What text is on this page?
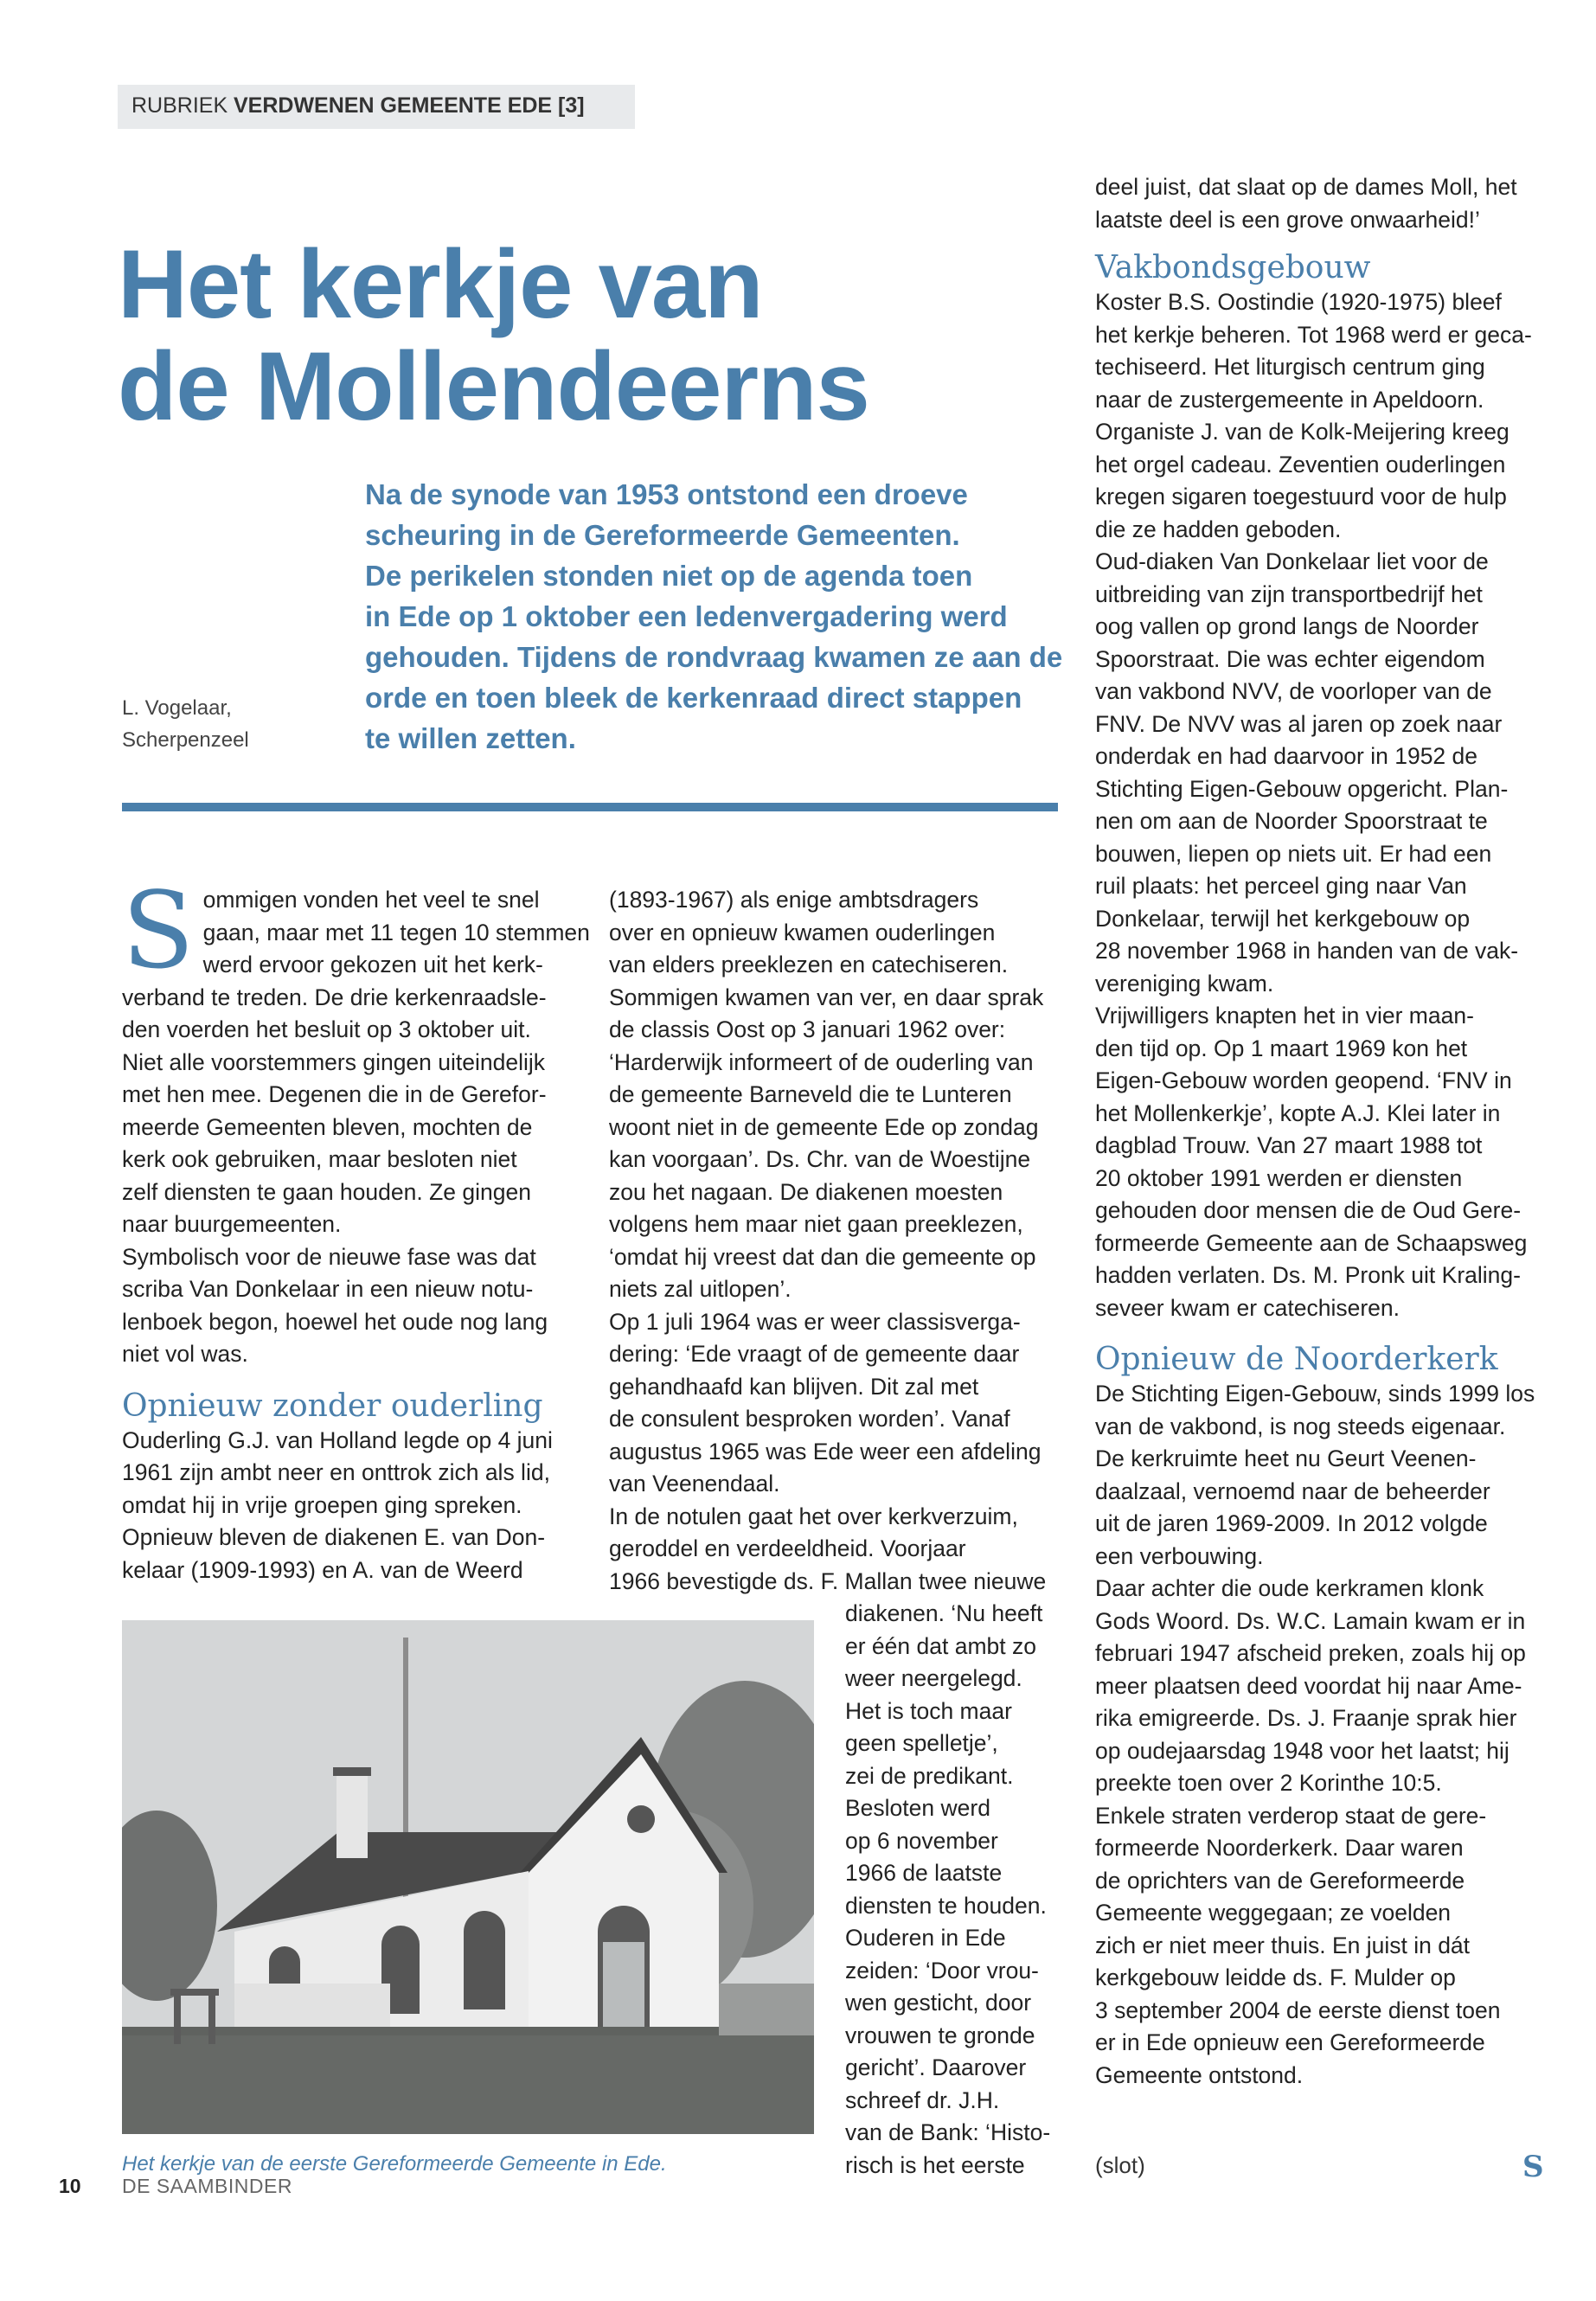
RUBRIEK VERDWENEN GEMEENTE EDE [3]
Het kerkje van
de Mollendeerns
Na de synode van 1953 ontstond een droeve
scheuring in de Gereformeerde Gemeenten.
De perikelen stonden niet op de agenda toen
in Ede op 1 oktober een ledenvergadering werd
gehouden. Tijdens de rondvraag kwamen ze aan de
orde en toen bleek de kerkenraad direct stappen
te willen zetten.
L. Vogelaar,
Scherpenzeel
S ommigen vonden het veel te snel
gaan, maar met 11 tegen 10 stemmen
werd ervoor gekozen uit het kerk-
verband te treden. De drie kerkenraadsle-
den voerden het besluit op 3 oktober uit.
Niet alle voorstemmers gingen uiteindelijk
met hen mee. Degenen die in de Gerefor-
meerde Gemeenten bleven, mochten de
kerk ook gebruiken, maar besloten niet
zelf diensten te gaan houden. Ze gingen
naar buurgemeenten.
Symbolisch voor de nieuwe fase was dat
scriba Van Donkelaar in een nieuw notu-
lenboek begon, hoewel het oude nog lang
niet vol was.
Opnieuw zonder ouderling
Ouderling G.J. van Holland legde op 4 juni
1961 zijn ambt neer en onttrok zich als lid,
omdat hij in vrije groepen ging spreken.
Opnieuw bleven de diakenen E. van Don-
kelaar (1909-1993) en A. van de Weerd
(1893-1967) als enige ambtsdragers
over en opnieuw kwamen ouderlingen
van elders preeklezen en catechiseren.
Sommigen kwamen van ver, en daar sprak
de classis Oost op 3 januari 1962 over:
‘Harderwijk informeert of de ouderling van
de gemeente Barneveld die te Lunteren
woont niet in de gemeente Ede op zondag
kan voorgaan’. Ds. Chr. van de Woestijne
zou het nagaan. De diakenen moesten
volgens hem maar niet gaan preeklezen,
‘omdat hij vreest dat dan die gemeente op
niets zal uitlopen’.
Op 1 juli 1964 was er weer classisverga-
dering: ‘Ede vraagt of de gemeente daar
gehandhaafd kan blijven. Dit zal met
de consulent besproken worden’. Vanaf
augustus 1965 was Ede weer een afdeling
van Veenendaal.
In de notulen gaat het over kerkverzuim,
geroddel en verdeeldheid. Voorjaar
1966 bevestigde ds. F. Mallan twee nieuwe
diakenen. ‘Nu heeft
er één dat ambt zo
weer neergelegd.
Het is toch maar
geen spelletje’,
zei de predikant.
Besloten werd
op 6 november
1966 de laatste
diensten te houden.
Ouderen in Ede
zeiden: ‘Door vrou-
wen gesticht, door
vrouwen te gronde
gericht’. Daarover
schreef dr. J.H.
van de Bank: ‘Histo-
risch is het eerste
Het kerkje van de eerste Gereformeerde Gemeente in Ede.
deel juist, dat slaat op de dames Moll, het
laatste deel is een grove onwaarheid!’
Vakbondsgebouw
Koster B.S. Oostindie (1920-1975) bleef
het kerkje beheren. Tot 1968 werd er geca-
techiseerd. Het liturgisch centrum ging
naar de zustergemeente in Apeldoorn.
Organiste J. van de Kolk-Meijering kreeg
het orgel cadeau. Zeventien ouderlingen
kregen sigaren toegestuurd voor de hulp
die ze hadden geboden.
Oud-diaken Van Donkelaar liet voor de
uitbreiding van zijn transportbedrijf het
oog vallen op grond langs de Noorder
Spoorstraat. Die was echter eigendom
van vakbond NVV, de voorloper van de
FNV. De NVV was al jaren op zoek naar
onderdak en had daarvoor in 1952 de
Stichting Eigen-Gebouw opgericht. Plan-
nen om aan de Noorder Spoorstraat te
bouwen, liepen op niets uit. Er had een
ruil plaats: het perceel ging naar Van
Donkelaar, terwijl het kerkgebouw op
28 november 1968 in handen van de vak-
vereniging kwam.
Vrijwilligers knapten het in vier maan-
den tijd op. Op 1 maart 1969 kon het
Eigen-Gebouw worden geopend. ‘FNV in
het Mollenkerkje’, kopte A.J. Klei later in
dagblad Trouw. Van 27 maart 1988 tot
20 oktober 1991 werden er diensten
gehouden door mensen die de Oud Gere-
formeerde Gemeente aan de Schaapsweg
hadden verlaten. Ds. M. Pronk uit Kraling-
seveer kwam er catechiseren.
Opnieuw de Noorderkerk
De Stichting Eigen-Gebouw, sinds 1999 los
van de vakbond, is nog steeds eigenaar.
De kerkruimte heet nu Geurt Veenen-
daalzaal, vernoemd naar de beheerder
uit de jaren 1969-2009. In 2012 volgde
een verbouwing.
Daar achter die oude kerkramen klonk
Gods Woord. Ds. W.C. Lamain kwam er in
februari 1947 afscheid preken, zoals hij op
meer plaatsen deed voordat hij naar Ame-
rika emigreerde. Ds. J. Fraanje sprak hier
op oudejaarsdag 1948 voor het laatst; hij
preekte toen over 2 Korinthe 10:5.
Enkele straten verderop staat de gere-
formeerde Noorderkerk. Daar waren
de oprichters van de Gereformeerde
Gemeente weggegaan; ze voelden
zich er niet meer thuis. En juist in dát
kerkgebouw leidde ds. F. Mulder op
3 september 2004 de eerste dienst toen
er in Ede opnieuw een Gereformeerde
Gemeente ontstond.
(slot)	S
10 DE SAAMBINDER
